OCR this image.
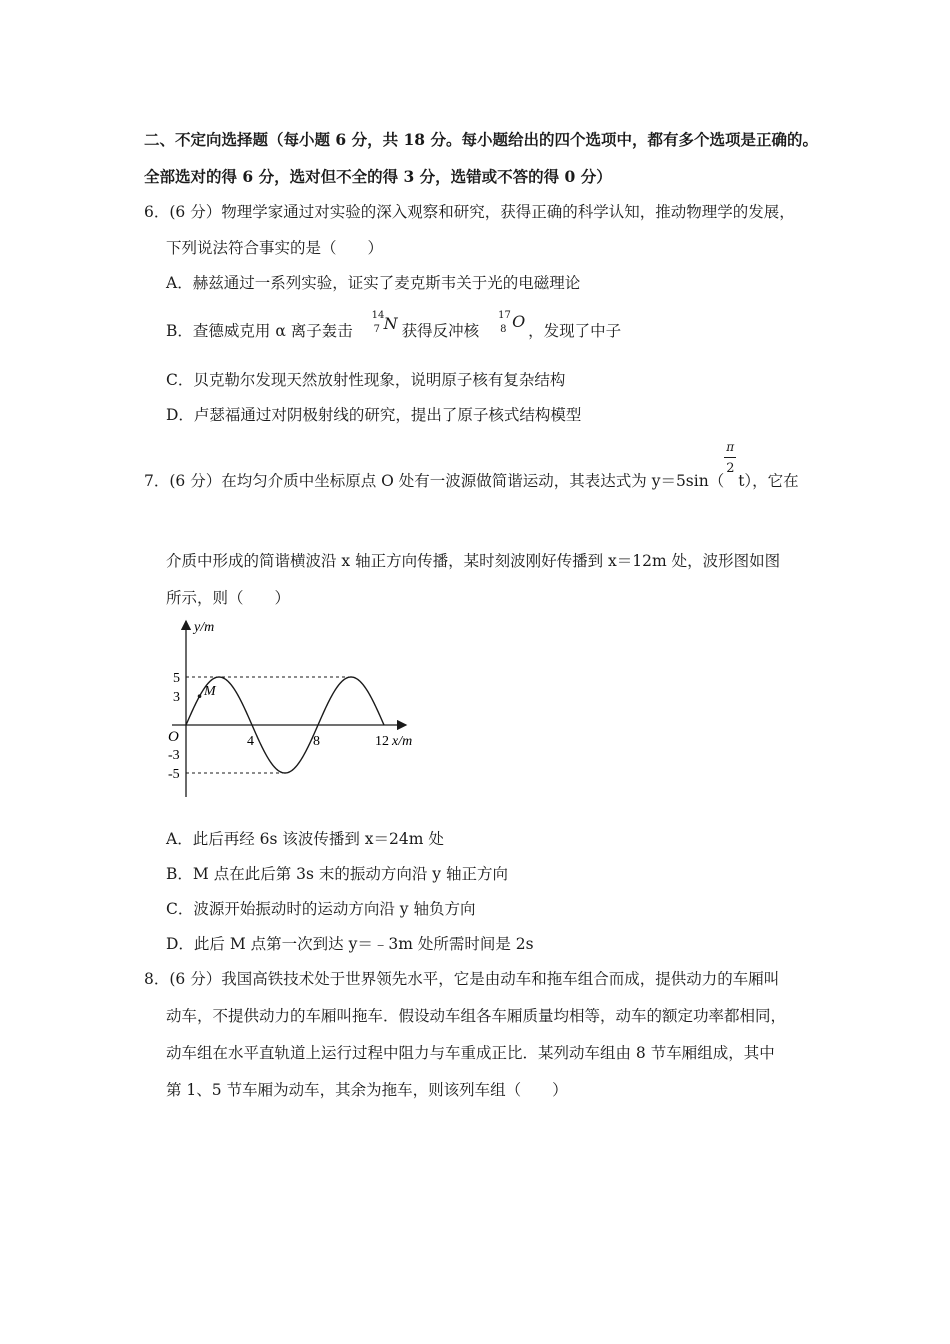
二、不定向选择题（每小题 6 分，共 18 分。每小题给出的四个选项中，都有多个选项是正确的。
全部选对的得 6 分，选对但不全的得 3 分，选错或不答的得 0 分）
6．(6 分）物理学家通过对实验的深入观察和研究，获得正确的科学认知，推动物理学的发展，
下列说法符合事实的是（　　）
A．赫兹通过一系列实验，证实了麦克斯韦关于光的电磁理论
B．查德威克用 α 离子轰击
14
7 N 获得反冲核
17
8 O ，发现了中子
C．贝克勒尔发现天然放射性现象，说明原子核有复杂结构
D．卢瑟福通过对阴极射线的研究，提出了原子核式结构模型
7．(6 分）在均匀介质中坐标原点 O 处有一波源做简谐运动，其表达式为 $y=5\sin( \frac{\pi}{2} t)$，它在
介质中形成的简谐横波沿 x 轴正方向传播，某时刻波刚好传播到 x＝12m 处，波形图如图
所示，则（　　）
y/m
x/m
O
M
4	8	12
5
3
-3
-5
A．此后再经 6s 该波传播到 x＝24m 处
B．M 点在此后第 3s 末的振动方向沿 y 轴正方向
C．波源开始振动时的运动方向沿 y 轴负方向
D．此后 M 点第一次到达 y＝﹣3m 处所需时间是 2s
8．(6 分）我国高铁技术处于世界领先水平，它是由动车和拖车组合而成，提供动力的车厢叫
动车，不提供动力的车厢叫拖车．假设动车组各车厢质量均相等，动车的额定功率都相同，
动车组在水平直轨道上运行过程中阻力与车重成正比．某列动车组由 8 节车厢组成，其中
第 1、5 节车厢为动车，其余为拖车，则该列车组（　　）
